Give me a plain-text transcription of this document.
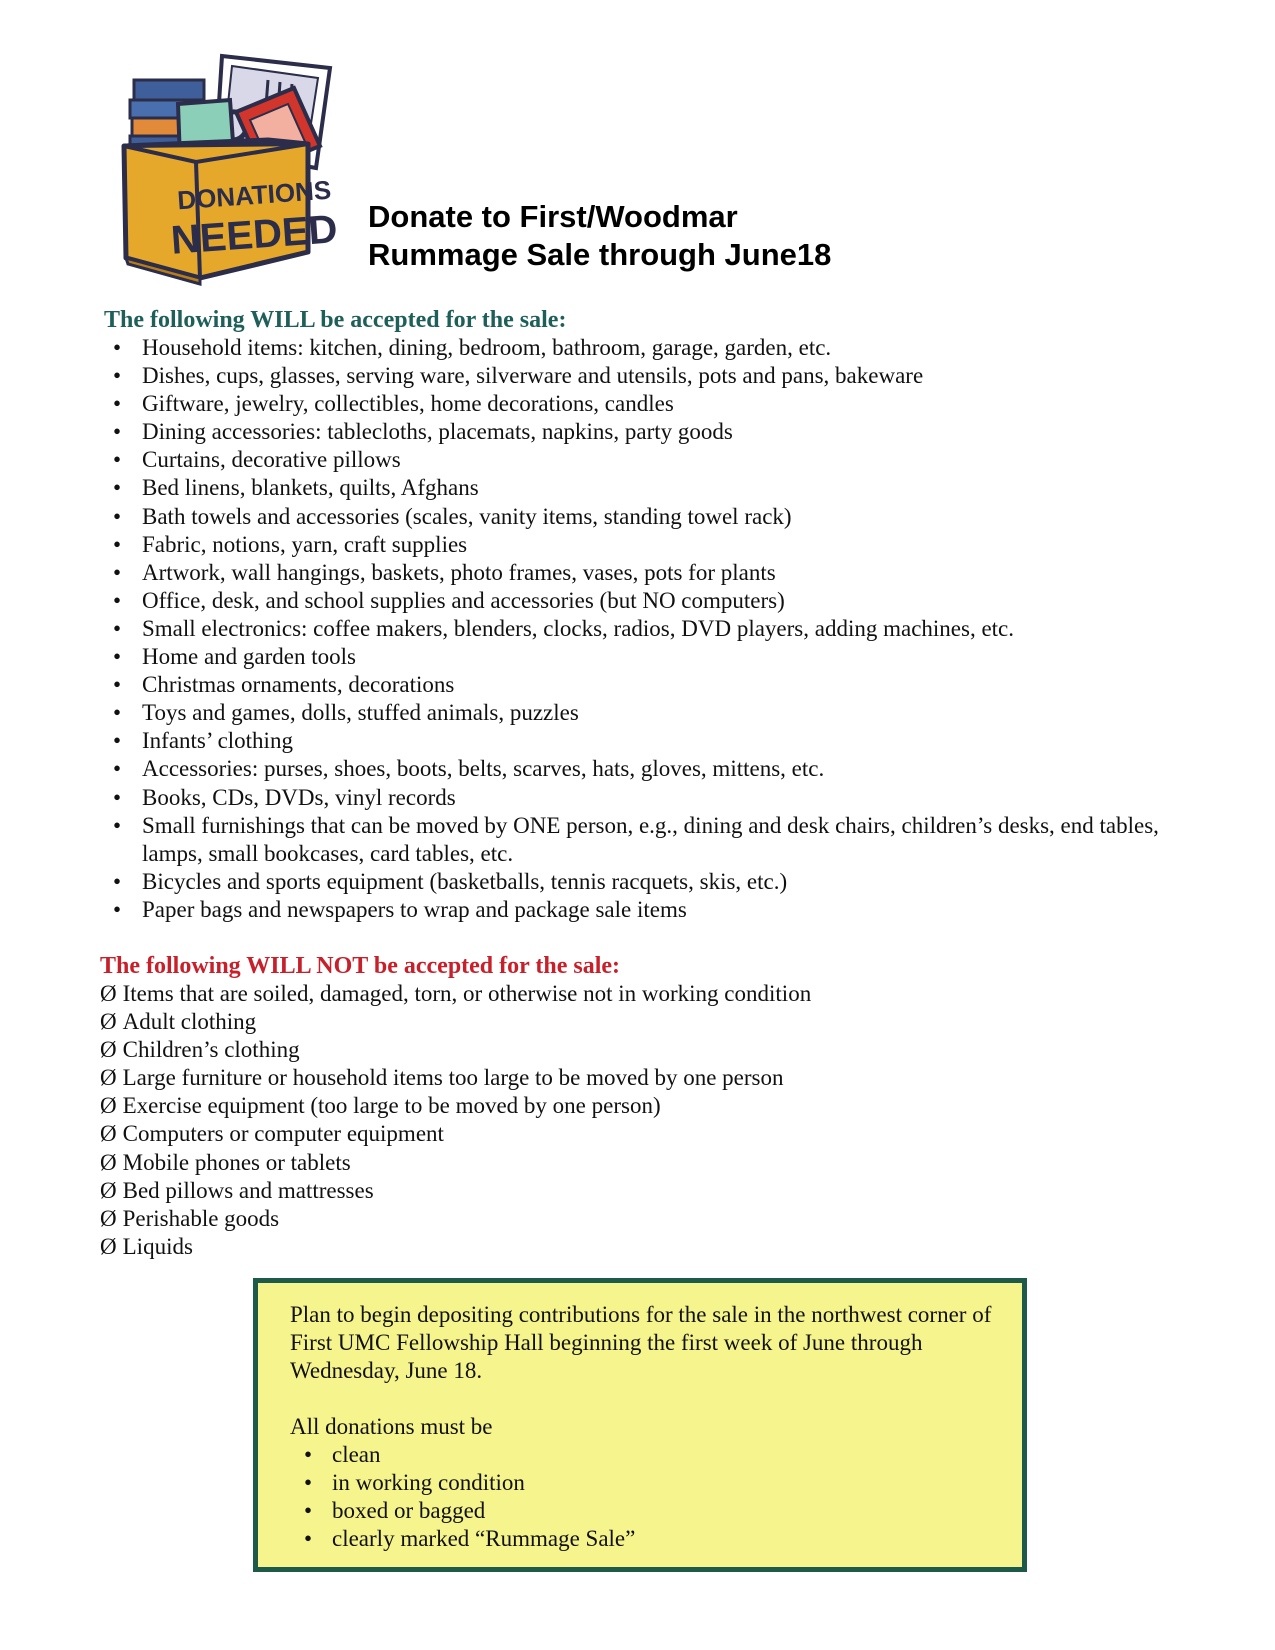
DONATIONS
NEEDED Donate to First/Woodmar
Rummage Sale through June18
The following WILL be accepted for the sale:
• Household items: kitchen, dining, bedroom, bathroom, garage, garden, etc.
• Dishes, cups, glasses, serving ware, silverware and utensils, pots and pans, bakeware
• Giftware, jewelry, collectibles, home decorations, candles
• Dining accessories: tablecloths, placemats, napkins, party goods
• Curtains, decorative pillows
• Bed linens, blankets, quilts, Afghans
• Bath towels and accessories (scales, vanity items, standing towel rack)
• Fabric, notions, yarn, craft supplies
• Artwork, wall hangings, baskets, photo frames, vases, pots for plants
• Office, desk, and school supplies and accessories (but NO computers)
• Small electronics: coffee makers, blenders, clocks, radios, DVD players, adding machines, etc.
• Home and garden tools
• Christmas ornaments, decorations
• Toys and games, dolls, stuffed animals, puzzles
• Infants’ clothing
• Accessories: purses, shoes, boots, belts, scarves, hats, gloves, mittens, etc.
• Books, CDs, DVDs, vinyl records
• Small furnishings that can be moved by ONE person, e.g., dining and desk chairs, children’s desks, end tables, lamps, small bookcases, card tables, etc.
• Bicycles and sports equipment (basketballs, tennis racquets, skis, etc.)
• Paper bags and newspapers to wrap and package sale items
The following WILL NOT be accepted for the sale:
Ø Items that are soiled, damaged, torn, or otherwise not in working condition
Ø Adult clothing
Ø Children’s clothing
Ø Large furniture or household items too large to be moved by one person
Ø Exercise equipment (too large to be moved by one person)
Ø Computers or computer equipment
Ø Mobile phones or tablets
Ø Bed pillows and mattresses
Ø Perishable goods
Ø Liquids

Plan to begin depositing contributions for the sale in the northwest corner of First UMC Fellowship Hall beginning the first week of June through Wednesday, June 18.

All donations must be

• clean
• in working condition
• boxed or bagged
• clearly marked “Rummage Sale”
